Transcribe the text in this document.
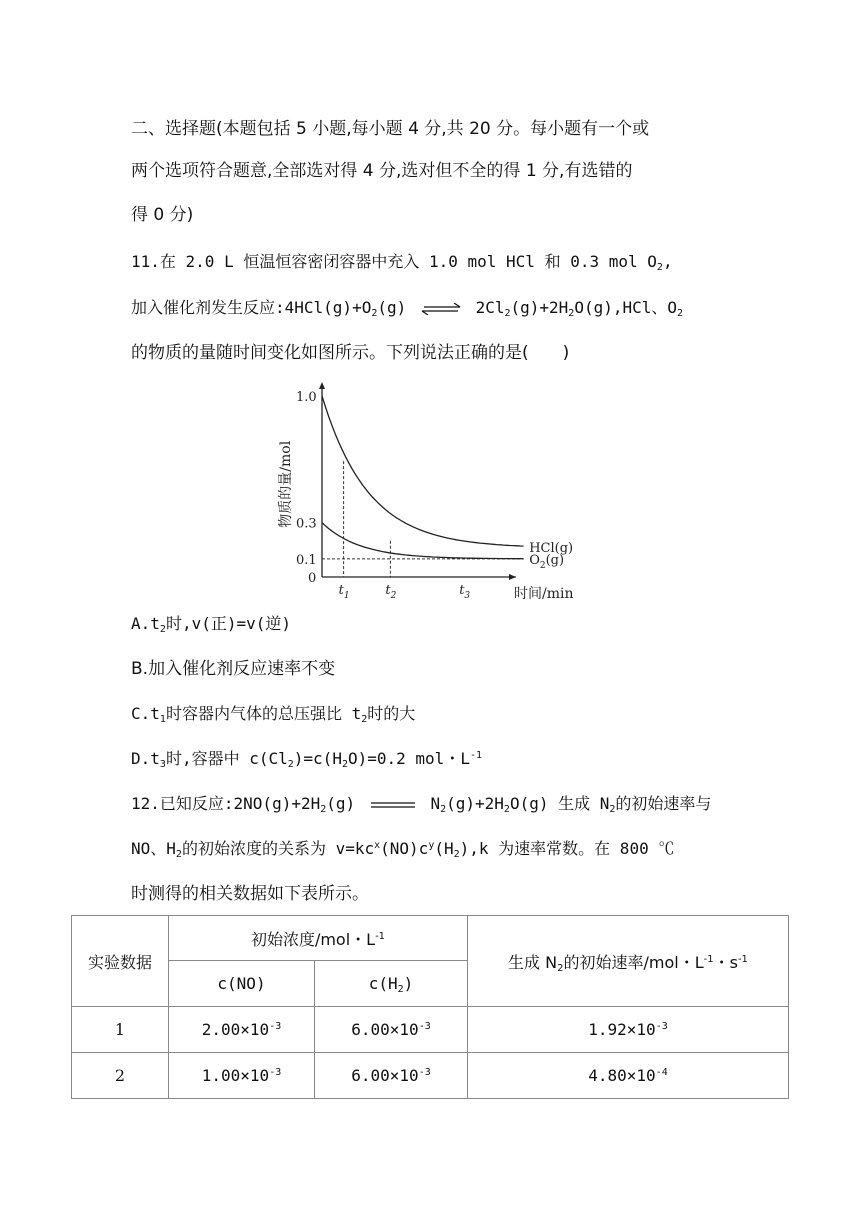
二、选择题(本题包括 5 小题,每小题 4 分,共 20 分。每小题有一个或
两个选项符合题意,全部选对得 4 分,选对但不全的得 1 分,有选错的
得 0 分)
11.在 2.0 L 恒温恒容密闭容器中充入 1.0 mol HCl 和 0.3 mol $O_2$,
加入催化剂发生反应$:4HCl(g)+O_2(g)$ ⇌ $2Cl_2(g)+2H_2O(g),HCl$、$O_2$
的物质的量随时间变化如图所示。下列说法正确的是(　　)
1.0
0.3
0.1
0
$t_1$	$t_2$	$t_3$	时间/min
物质的量/mol
HCl(g)
$O_2(g)$
$A.t_2$时,v(正)=v(逆)
B.加入催化剂反应速率不变
$C.t_1$时容器内气体的总压强比 $t_2$时的大
$D.t_3$时,容器中 $c(Cl_2)=c(H_2O)=0.2$ mol・$L^{-1}$
12.已知反应$:2NO(g)+2H_2(g)$	$N_2(g)+2H_2O(g)$ 生成 $N_2$的初始速率与
NO、$H_2$的初始浓度的关系为 $v=kc^x(NO)c^y(H_2),k$ 为速率常数。在 800 ℃
时测得的相关数据如下表所示。
实验数据	初始浓度/mol・$L^{-1}$		生成 $N_2$的初始速率/mol・$L^{-1}$・$s^{-1}$
	c(NO)	$c(H_2)$	
1	$2.00\times 10^{-3}$	$6.00\times 10^{-3}$	$1.92\times 10^{-3}$
2	$1.00\times 10^{-3}$	$6.00\times 10^{-3}$	$4.80\times 10^{-4}$
